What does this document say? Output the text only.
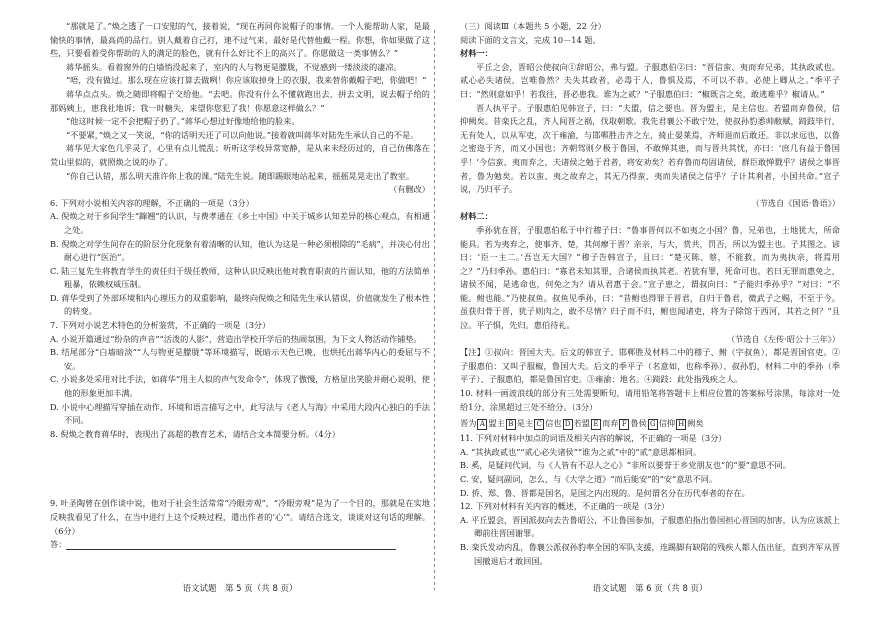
“那就是了。”焕之透了一口安慰的气，接着说，“现在再同你说帽子的事情。一个人能帮助人家，是最愉快的事情，最高尚的品行。别人戴着自己打，速不过气来，最好是代替他戴一程。你想，你如果做了这些，只要看着受你帮助的人的满足的脸色，就有什么好比不上的高兴了。你愿做这一类事情么？”

蒋华摇头。看着窗外的白墙悄没起来了，室内的人与物更是朦胧，不觉感到一缕淡淡的凄凉。

“唔，没有做过。那么现在应该打算去做咧！你应该取掉身上的衣服，我来替你戴帽子吧，你做吧！”

蒋华点点头。焕之随即将帽子交给他。“去吧。你没有什么不懂就跑出去，拼去文明，说去帽子给的那妈姨上，患我社地诉；我一时糖失，来望你您犯了我！你愿意这样做么？”

“他这时候一定不会把帽子扔了。”蒋华心想过好像地给他的脸来。

“不要紧，”焕之又一笑说，“你的话明天还了可以向他说。”接着就叫蒋华对陆先生承认自己的不是。

蒋华见大家色几乎灵了，心里有点儿慌乱；听听这学校异常宽静，是从来未经历过的，自己仿佛落在荒山里似的，就照焕之说的办了。

“你自己认错，那么明天准许你上我的课。”陆先生说。随即踢眼地站起来，摇摇晃晃走出了教室。

（有删改）

6. 下列对小说相关内容的理解，不正确的一项是（3分）

A. 倪焕之对于乡间学生“蹿翘”的认识，与费孝通在《乡土中国》中关于城乡认知差异的核心观点，有相通之处。

B. 倪焕之对学生间存在的阶层分化现象有着清晰的认知，他认为这是一种必须根除的“毛病”，并决心付出耐心进行“医治”。

C. 陆三复先生将教育学生的责任归于级任教师，这种认识反映出他对教育职责的片面认知，他的方法简单粗暴，依赖权威压制。

D. 蒋华受到了外部环境和内心理压力的双重影响，最终向倪焕之和陆先生承认错误，价值就发生了根本性的转变。

7. 下列对小说艺术特色的分析鉴赏，不正确的一项是（3分）

A. 小说开篇通过“纷杂的声音”“活泼的人影”，营造出学校开学后的热闹氛围，为下文人物活动作铺垫。

B. 结尾部分“白墙暗淡”“人与物更是朦胧”等环境描写，既暗示天色已晚，也烘托出蒋华内心的委屈与不安。

C. 小说多处采用对比手法，如蒋华“用主人似的声气发命令”，体现了傲慢，方格显出笑脸并耐心说明，使他的形象更加丰满。

D. 小说中心理描写穿插在动作、环境和语言描写之中，此写法与《老人与海》中采用大段内心独白的手法不同。

8. 倪焕之教育蒋华时，表现出了高超的教育艺术，请结合文本简要分析。（4分）

9. 叶圣陶曾在创作谈中说，他对于社会生活常常“冷眼旁观”，“冷眼旁观”是为了一个目的，那就是在实地反映我看见了什么，在当中进行上这个反映过程，遣出作者的‘心’”。请结合选文，谈谈对这句话的理解。（6分）

答：

语文试题　第 5 页（共 8 页）

（三）阅读Ⅲ（本题共 5 小题，22 分）

阅读下面的文言文，完成 10－14 题。

材料一：

平丘之会，晋昭公使叔向①辞昭公，弗与盟。子服惠伯②曰：“晋信蛮、夷而弃兄弟，其执政贰也。贰心必失诸侯，岂唯鲁然？夫失其政者，必毒于人，鲁惧及焉，不可以不恭。必使上卿从之。”季平子曰：“然则意如乎！若我往，晋必患我。谁为之贰？”子服惠伯曰：“椒既言之矣，敢逃难乎？椒请从。”

晋人执平子。子服惠伯见韩宣子，曰：“夫盟，信之要也。晋为盟主，是主信也。若盟而弃鲁侯，信抑阙矣。昔栾氏之乱，齐人间晋之祸，伐取朝歌。我先君襄公不敢宁处，使叔孙豹悉帅敝赋，踦跂毕行，无有处人，以从军吏，次于雍渝，与邯郸胜击齐之左，掎止晏莱焉，齐师退而后敢还。非以求远也，以鲁之密迩于齐，而又小国也；齐朝驾则夕极于鲁国，不敢惮其患，而与晋共其忧，亦曰：‘庶几有益于鲁国乎！’今信蛮、夷而弃之，夫诸侯之勉于君者，将安劝矣？若弃鲁而苟固诸侯，群臣敢惮戮乎？诸侯之事晋者，鲁为勉矣。若以蛮、夷之故弃之，其无乃得蛮、夷而失诸侯之信乎？子计其利者，小国共命。”宣子说，乃归平子。

（节选自《国语·鲁语》）

材料二：

季孙犹在晋，子服惠伯私于中行穆子曰：“鲁事晋何以不如夷之小国？鲁，兄弟也，土地犹大，所命能具。若为夷弃之，使事齐、楚，其何瘳于晋？亲亲，与大，赏共，罚否，所以为盟主也。子其图之。谚曰：‘臣一主二。’吾岂无大国？”穆子告韩宣子，且曰：“楚灭陈、蔡，不能救，而为夷执亲，将焉用之？”乃归季孙。惠伯曰：“寡君未知其罪，合诸侯而执其老。若犹有罪，死命可也。若曰无罪而惠免之，诸侯不闻，是逃命也，何免之为？请从君惠于会。”宣子患之，谓叔向曰：“子能归季孙乎？”对曰：“不能。鲋也能。”乃使叔鱼。叔鱼见季孙，曰：“昔鲋也得罪于晋君，自归于鲁君，微武子之赐，不至于今。虽获归骨于晋，犹子则肉之，敢不尽情？归子而不归，鲋也闻诸吏，将为子除馆于西河，其若之何？”且泣。平子惧，先归。惠伯待礼。

（节选自《左传·昭公十三年》）

【注】①叔向：晋国大夫。后文的韩宣子、邯郸胜及材料二中的穆子、鲋（字叔鱼），都是晋国官吏。②子服惠伯：又叫子服椒，鲁国大夫。后文的季平子（名意如，也称季孙）、叔孙豹，材料二中的季孙（季平子）、子服惠伯，都是鲁国官吏。③雍渝：地名。④踦跂：此处指残疾之人。

10. 材料一画波浪线的部分有三处需要断句，请用铅笔将答题卡上相应位置的答案标号涂黑，每涂对一处给1分，涂黑超过三处不给分。（3分）

晋为 A 盟主 B 是主 C 信也 D 若盟 E 而弃 F 鲁侯 G 信抑 H 阙矣

11. 下列对材料中加点的词语及相关内容的解说，不正确的一项是（3分）

A. “其执政贰也”“贰心必失诸侯”“谁为之贰”中的“贰”意思都相同。

B. 奚，是疑问代词，与《人皆有不忍人之心》“非所以要誉于乡党朋友也”的“要”意思不同。

C. 安，疑问副词，怎么，与《大学之道》“而后能安”的“安”意思不同。

D. 侨、郑、鲁、晋都是国名，是国之内出现的。是何谓名分在历代奉者的存在。

12. 下列对材料有关内容的概述，不正确的一项是（3分）

A. 平丘盟会，晋国派叔向去告鲁昭公，不让鲁国参加，子服惠伯指出鲁国担心晋国的加害，认为应该派上卿前往晋国谢罪。

B. 栾氏发动内乱，鲁襄公派叔孙豹率全国的军队支援，连踢脚有缺陷的残疾人都人伍出征，直到齐军从晋国撤退后才敢回国。

语文试题　第 6 页（共 8 页）
